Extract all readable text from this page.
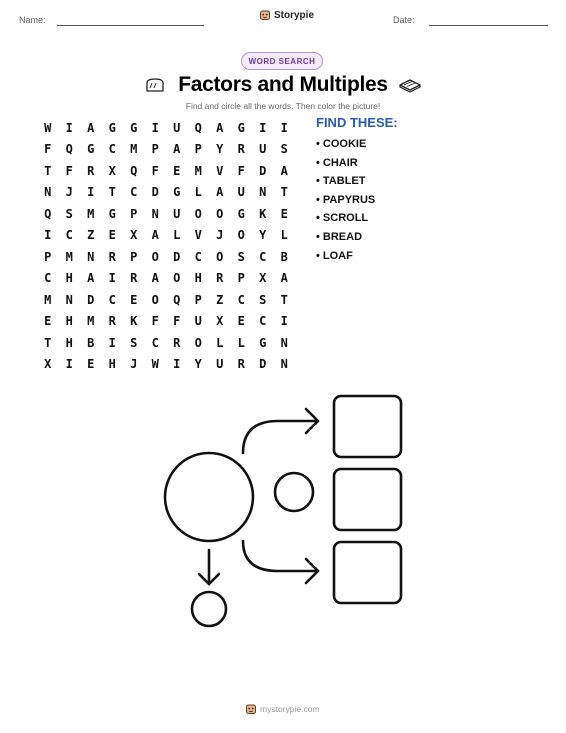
Name:	Storypie	Date:
WORD SEARCH
Factors and Multiples
Find and circle all the words. Then color the picture!
W	I	A	G	G	I	U	Q	A	G	I	I
F	Q	G	C	M	P	A	P	Y	R	U	S
T	F	R	X	Q	F	E	M	V	F	D	A
N	J	I	T	C	D	G	L	A	U	N	T
Q	S	M	G	P	N	U	O	O	G	K	E
I	C	Z	E	X	A	L	V	J	O	Y	L
P	M	N	R	P	O	D	C	O	S	C	B
C	H	A	I	R	A	O	H	R	P	X	A
M	N	D	C	E	O	Q	P	Z	C	S	T
E	H	M	R	K	F	F	U	X	E	C	I
T	H	B	I	S	C	R	O	L	L	G	N
X	I	E	H	J	W	I	Y	U	R	D	N
FIND THESE:
• COOKIE
• CHAIR
• TABLET
• PAPYRUS
• SCROLL
• BREAD
• LOAF
mystorypie.com
